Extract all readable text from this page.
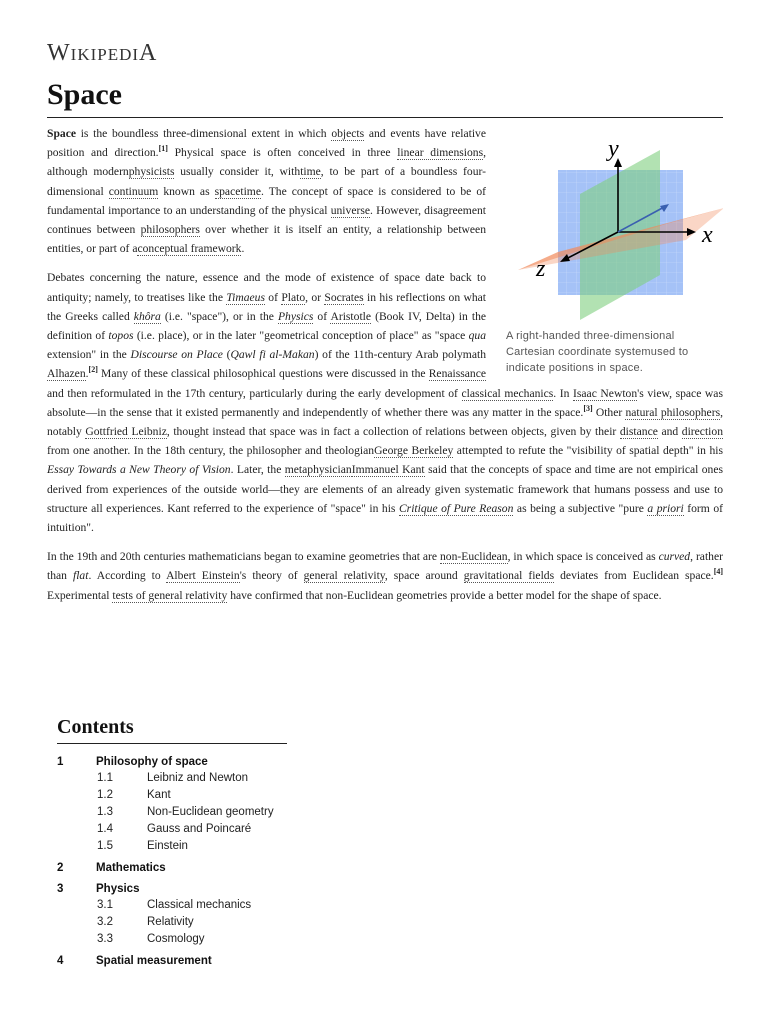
WIKIPEDIA
Space
x
y
z
A right-handed three-dimensional Cartesian coordinate systemused to indicate positions in space.

Space is the boundless three-dimensional extent in which objects and events have relative position and direction.[1] Physical space is often conceived in three linear dimensions, although modernphysicists usually consider it, withtime, to be part of a boundless four-dimensional continuum known as spacetime. The concept of space is considered to be of fundamental importance to an understanding of the physical universe. However, disagreement continues between philosophers over whether it is itself an entity, a relationship between entities, or part of aconceptual framework.

Debates concerning the nature, essence and the mode of existence of space date back to antiquity; namely, to treatises like the Timaeus of Plato, or Socrates in his reflections on what the Greeks called khôra (i.e. "space"), or in the Physics of Aristotle (Book IV, Delta) in the definition of topos (i.e. place), or in the later "geometrical conception of place" as "space qua extension" in the Discourse on Place (Qawl fi al-Makan) of the 11th-century Arab polymath Alhazen.[2] Many of these classical philosophical questions were discussed in the Renaissance and then reformulated in the 17th century, particularly during the early development of classical mechanics. In Isaac Newton's view, space was absolute—in the sense that it existed permanently and independently of whether there was any matter in the space.[3] Other natural philosophers, notably Gottfried Leibniz, thought instead that space was in fact a collection of relations between objects, given by their distance and direction from one another. In the 18th century, the philosopher and theologianGeorge Berkeley attempted to refute the "visibility of spatial depth" in his Essay Towards a New Theory of Vision. Later, the metaphysicianImmanuel Kant said that the concepts of space and time are not empirical ones derived from experiences of the outside world—they are elements of an already given systematic framework that humans possess and use to structure all experiences. Kant referred to the experience of "space" in his Critique of Pure Reason as being a subjective "pure a priori form of intuition".

In the 19th and 20th centuries mathematicians began to examine geometries that are non-Euclidean, in which space is conceived as curved, rather than flat. According to Albert Einstein's theory of general relativity, space around gravitational fields deviates from Euclidean space.[4] Experimental tests of general relativity have confirmed that non-Euclidean geometries provide a better model for the shape of space.

Contents
1	Philosophy of space
1.1	Leibniz and Newton
1.2	Kant
1.3	Non-Euclidean geometry
1.4	Gauss and Poincaré
1.5	Einstein
2	Mathematics
3	Physics
3.1	Classical mechanics
3.2	Relativity
3.3	Cosmology
4	Spatial measurement
